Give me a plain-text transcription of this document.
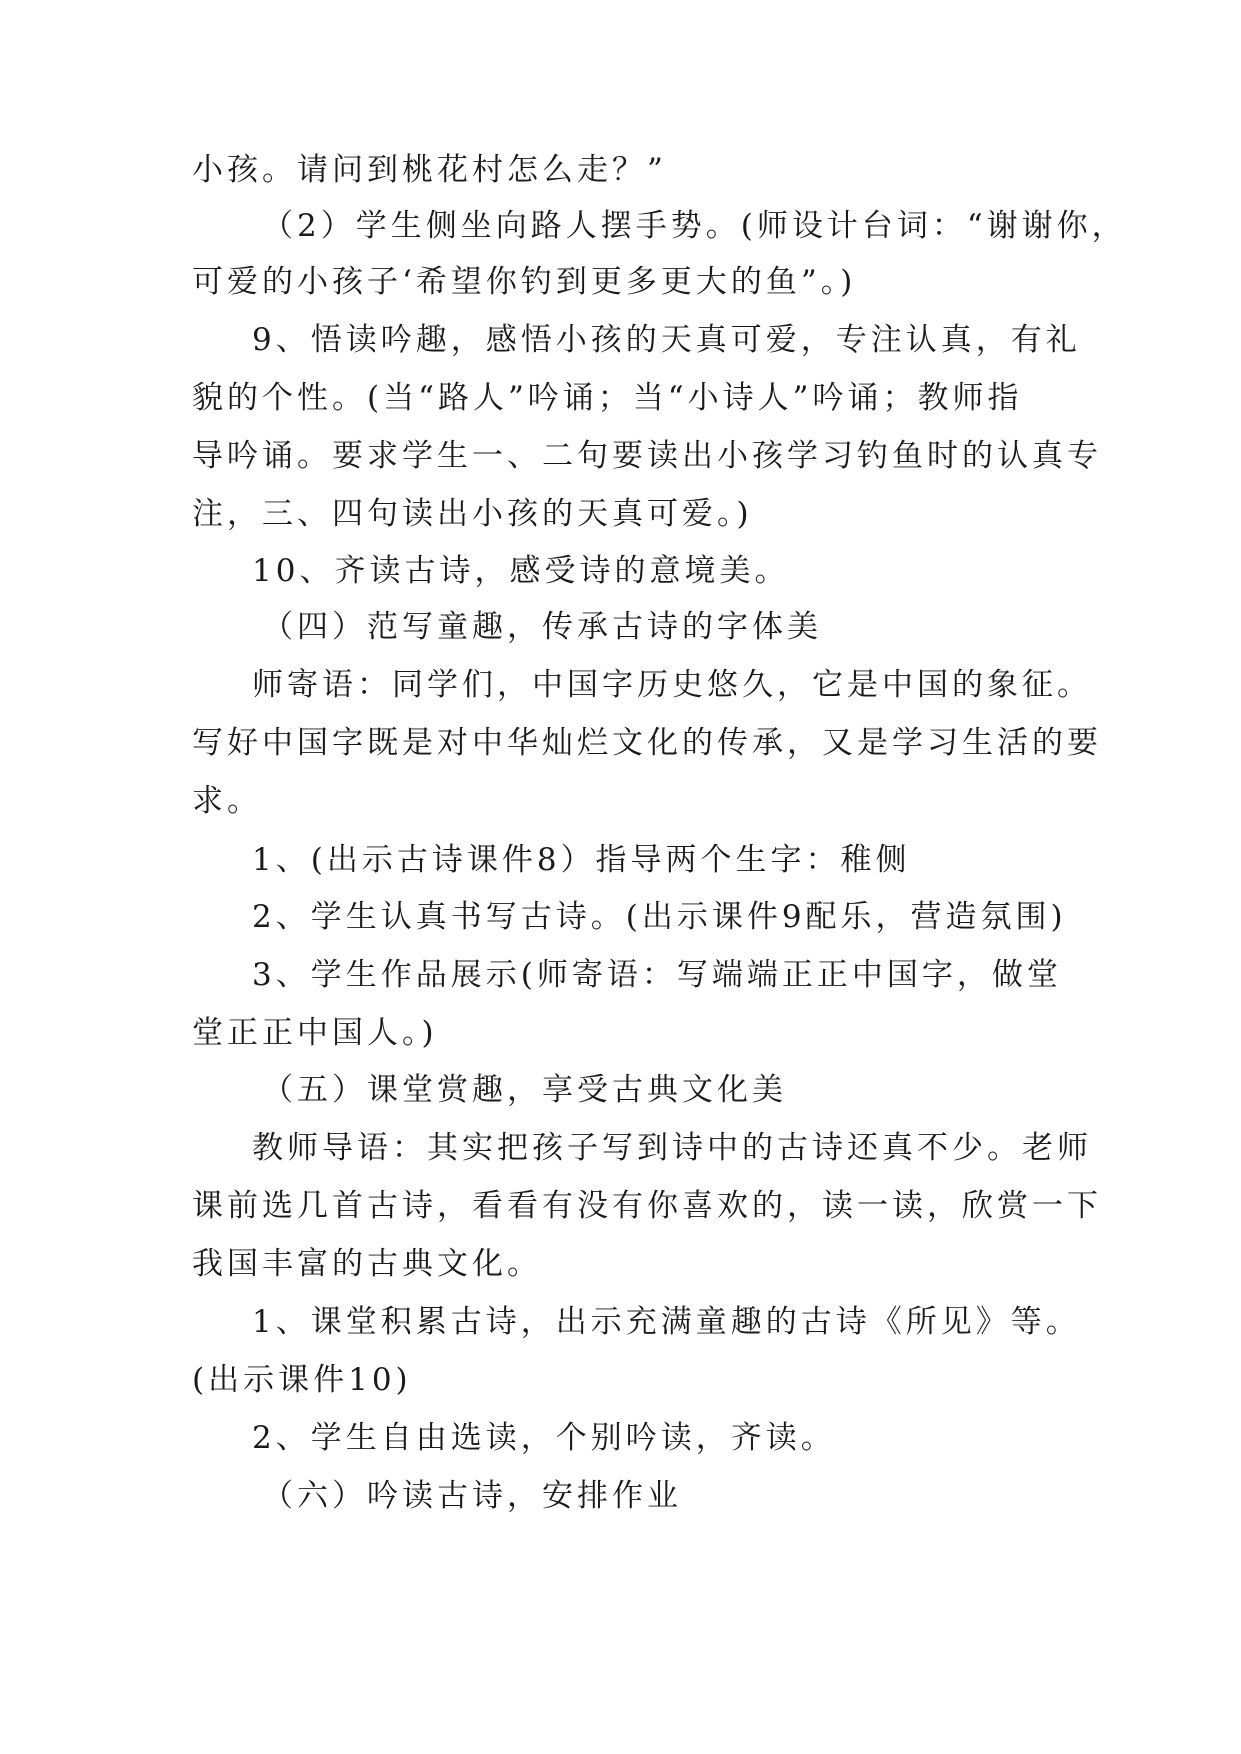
小孩。请问到桃花村怎么走？”
（2）学生侧坐向路人摆手势。(师设计台词：“谢谢你，
可爱的小孩子‘希望你钓到更多更大的鱼”。)
9、悟读吟趣，感悟小孩的天真可爱，专注认真，有礼
貌的个性。(当“路人”吟诵；当“小诗人”吟诵；教师指
导吟诵。要求学生一、二句要读出小孩学习钓鱼时的认真专
注，三、四句读出小孩的天真可爱。)
10、齐读古诗，感受诗的意境美。
（四）范写童趣，传承古诗的字体美
师寄语：同学们，中国字历史悠久，它是中国的象征。
写好中国字既是对中华灿烂文化的传承，又是学习生活的要
求。
1、(出示古诗课件8）指导两个生字：稚侧
2、学生认真书写古诗。(出示课件9配乐，营造氛围)
3、学生作品展示(师寄语：写端端正正中国字，做堂
堂正正中国人。)
（五）课堂赏趣，享受古典文化美
教师导语：其实把孩子写到诗中的古诗还真不少。老师
课前选几首古诗，看看有没有你喜欢的，读一读，欣赏一下
我国丰富的古典文化。
1、课堂积累古诗，出示充满童趣的古诗《所见》等。
(出示课件10)
2、学生自由选读，个别吟读，齐读。
（六）吟读古诗，安排作业
